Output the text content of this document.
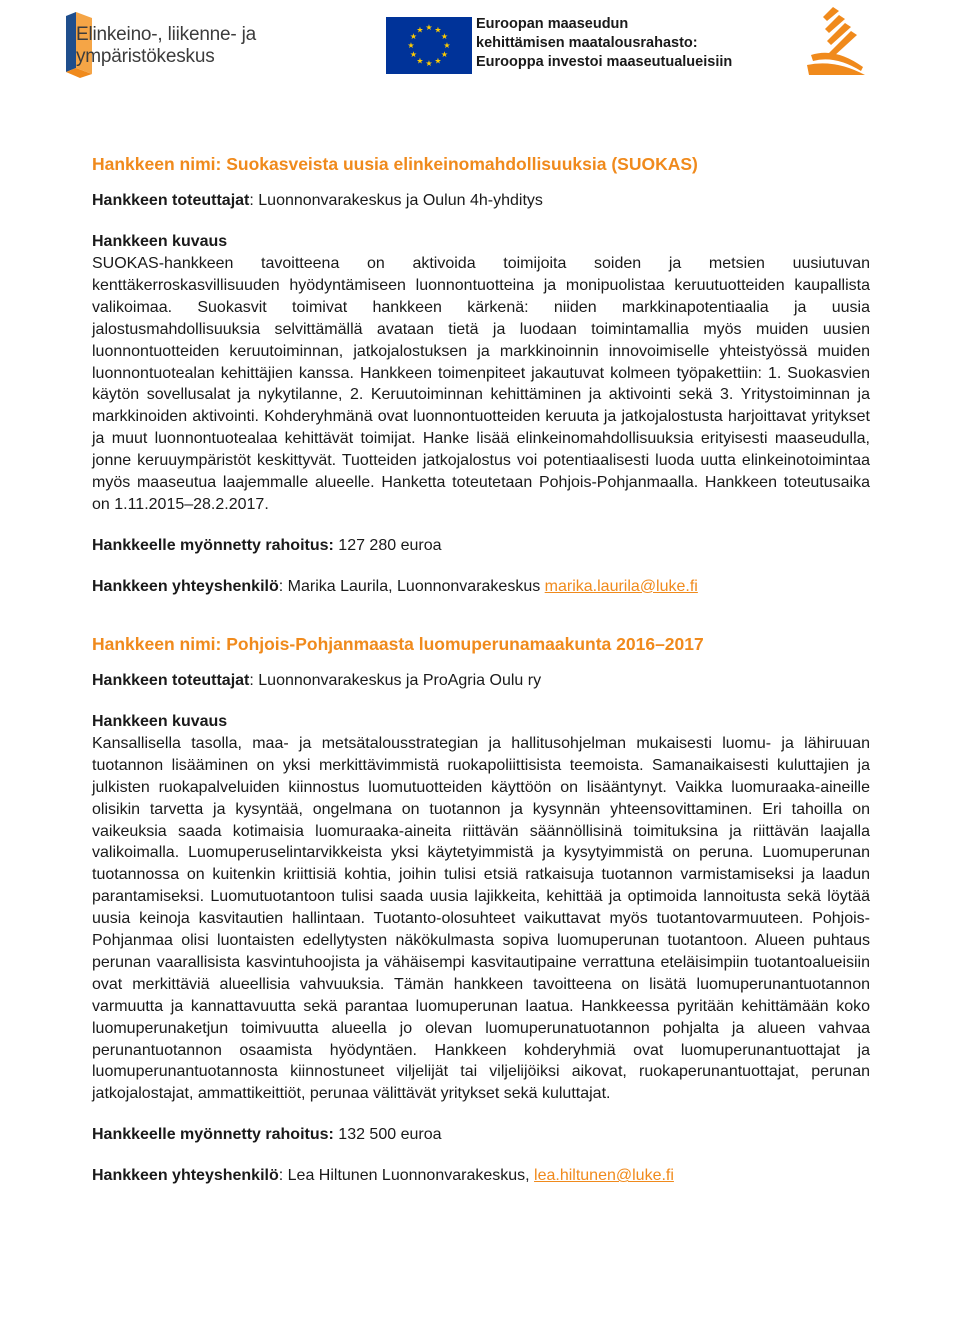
Elinkeino-, liikenne- ja
ympäristökeskus
★ ★
★
★
★
★
★
★
★
★
★
★	Euroopan maaseudun
kehittämisen maatalousrahasto:
Eurooppa investoi maaseutualueisiin
Hankkeen nimi: Suokasveista uusia elinkeinomahdollisuuksia (SUOKAS)

Hankkeen toteuttajat: Luonnonvarakeskus ja Oulun 4h-yhditys

Hankkeen kuvaus

SUOKAS-hankkeen tavoitteena on aktivoida toimijoita soiden ja metsien uusiutuvan kenttäkerroskasvillisuuden hyödyntämiseen luonnontuotteina ja monipuolistaa keruutuotteiden kaupallista valikoimaa. Suokasvit toimivat hankkeen kärkenä: niiden markkinapotentiaalia ja uusia jalostusmahdollisuuksia selvittämällä avataan tietä ja luodaan toimintamallia myös muiden uusien luonnontuotteiden keruutoiminnan, jatkojalostuksen ja markkinoinnin innovoimiselle yhteistyössä muiden luonnontuotealan kehittäjien kanssa. Hankkeen toimenpiteet jakautuvat kolmeen työpakettiin: 1. Suokasvien käytön sovellusalat ja nykytilanne, 2. Keruutoiminnan kehittäminen ja aktivointi sekä 3. Yritystoiminnan ja markkinoiden aktivointi. Kohderyhmänä ovat luonnontuotteiden keruuta ja jatkojalostusta harjoittavat yritykset ja muut luonnontuotealaa kehittävät toimijat. Hanke lisää elinkeinomahdollisuuksia erityisesti maaseudulla, jonne keruuympäristöt keskittyvät. Tuotteiden jatkojalostus voi potentiaalisesti luoda uutta elinkeinotoimintaa myös maaseutua laajemmalle alueelle. Hanketta toteutetaan Pohjois-Pohjanmaalla. Hankkeen toteutusaika on 1.11.2015–28.2.2017.

Hankkeelle myönnetty rahoitus: 127 280 euroa

Hankkeen yhteyshenkilö: Marika Laurila, Luonnonvarakeskus marika.laurila@luke.fi

Hankkeen nimi: Pohjois-Pohjanmaasta luomuperunamaakunta 2016–2017

Hankkeen toteuttajat: Luonnonvarakeskus ja ProAgria Oulu ry

Hankkeen kuvaus

Kansallisella tasolla, maa- ja metsätalousstrategian ja hallitusohjelman mukaisesti luomu- ja lähiruuan tuotannon lisääminen on yksi merkittävimmistä ruokapoliittisista teemoista. Samanaikaisesti kuluttajien ja julkisten ruokapalveluiden kiinnostus luomutuotteiden käyttöön on lisääntynyt. Vaikka luomuraaka-aineille olisikin tarvetta ja kysyntää, ongelmana on tuotannon ja kysynnän yhteensovittaminen. Eri tahoilla on vaikeuksia saada kotimaisia luomuraaka-aineita riittävän säännöllisinä toimituksina ja riittävän laajalla valikoimalla. Luomuperuselintarvikkeista yksi käytetyimmistä ja kysytyimmistä on peruna. Luomuperunan tuotannossa on kuitenkin kriittisiä kohtia, joihin tulisi etsiä ratkaisuja tuotannon varmistamiseksi ja laadun parantamiseksi. Luomutuotantoon tulisi saada uusia lajikkeita, kehittää ja optimoida lannoitusta sekä löytää uusia keinoja kasvitautien hallintaan. Tuotanto-olosuhteet vaikuttavat myös tuotantovarmuuteen. Pohjois-Pohjanmaa olisi luontaisten edellytysten näkökulmasta sopiva luomuperunan tuotantoon. Alueen puhtaus perunan vaarallisista kasvintuhoojista ja vähäisempi kasvitautipaine verrattuna eteläisimpiin tuotantoalueisiin ovat merkittäviä alueellisia vahvuuksia. Tämän hankkeen tavoitteena on lisätä luomuperunantuotannon varmuutta ja kannattavuutta sekä parantaa luomuperunan laatua. Hankkeessa pyritään kehittämään koko luomuperunaketjun toimivuutta alueella jo olevan luomuperunatuotannon pohjalta ja alueen vahvaa perunantuotannon osaamista hyödyntäen. Hankkeen kohderyhmiä ovat luomuperunantuottajat ja luomuperunantuotannosta kiinnostuneet viljelijät tai viljelijöiksi aikovat, ruokaperunantuottajat, perunan jatkojalostajat, ammattikeittiöt, perunaa välittävät yritykset sekä kuluttajat.

Hankkeelle myönnetty rahoitus: 132 500 euroa

Hankkeen yhteyshenkilö: Lea Hiltunen Luonnonvarakeskus, lea.hiltunen@luke.fi

www.ely-keskus.fi
